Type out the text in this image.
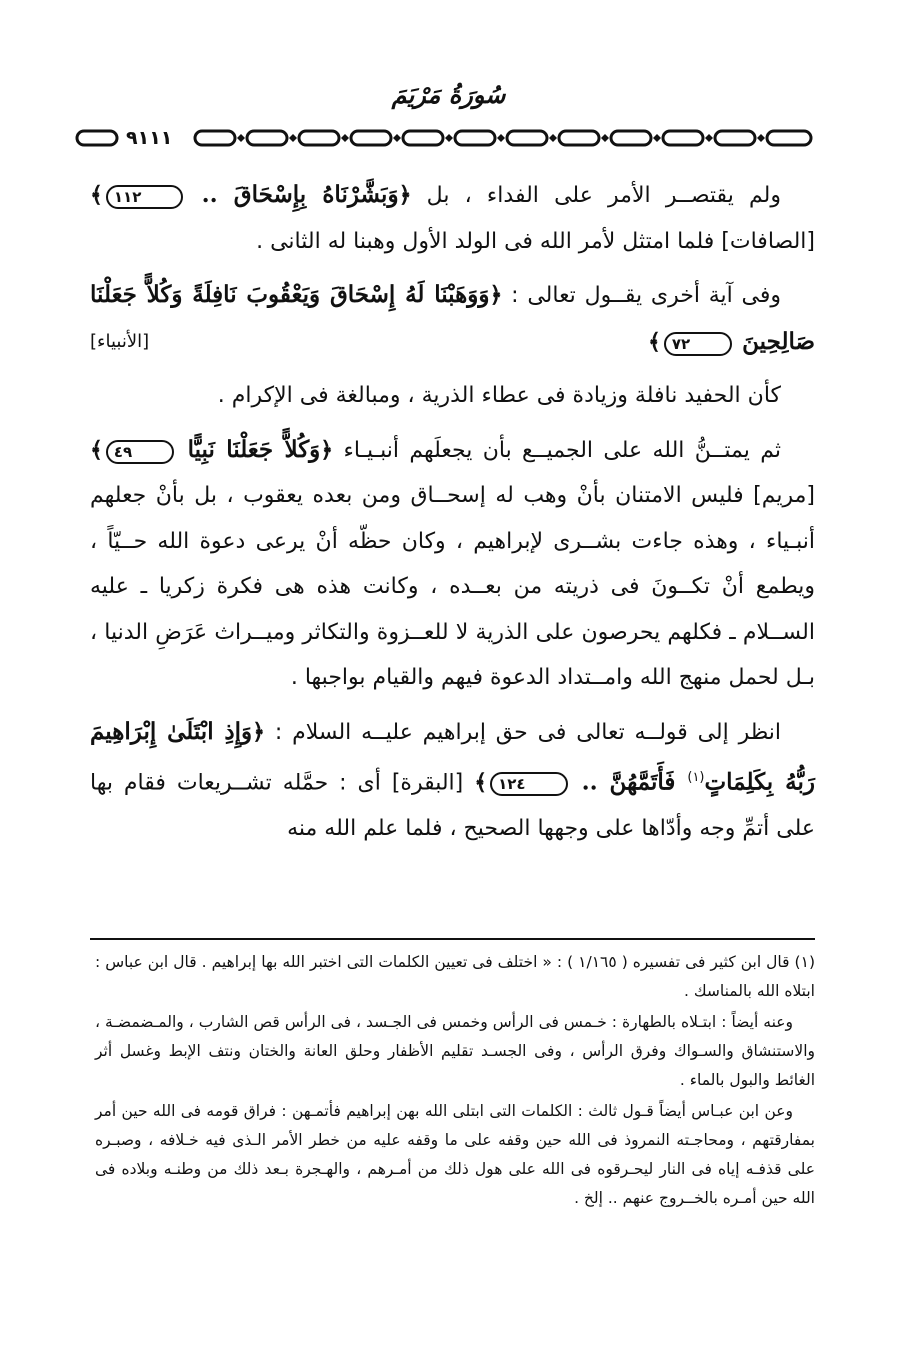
سُورَةُ مَرْيَمَ
٩١١١

ولم يقتصــر الأمر على الفداء ، بل ﴿وَبَشَّرْنَاهُ بِإِسْحَاقَ .. ١١٢﴾ [الصافات] فلما امتثل لأمر الله فى الولد الأول وهبنا له الثانى .

وفى آية أخرى يقــول تعالى : ﴿وَوَهَبْنَا لَهُ إِسْحَاقَ وَيَعْقُوبَ نَافِلَةً وَكُلاًّ جَعَلْنَا صَالِحِينَ ٧٢﴾
[الأنبياء]

كأن الحفيد نافلة وزيادة فى عطاء الذرية ، ومبالغة فى الإكرام .

ثم يمتــنُّ الله على الجميــع بأن يجعلَهم أنبـيـاء ﴿وَكُلاًّ جَعَلْنَا نَبِيًّا ٤٩﴾ [مريم] فليس الامتنان بأنْ وهب له إسحــاق ومن بعده يعقوب ، بل بأنْ جعلهم أنبـياء ، وهذه جاءت بشــرى لإبراهيم ، وكان حظّه أنْ يرعى دعوة الله حــيّاً ، ويطمع أنْ تكــونَ فى ذريته من بعــده ، وكانت هذه هى فكرة زكريا ـ عليه الســلام ـ فكلهم يحرصون على الذرية لا للعــزوة والتكاثر وميــراث عَرَضِ الدنيا ، بـل لحمل منهج الله وامــتداد الدعوة فيهم والقيام بواجبها .

انظر إلى قولــه تعالى فى حق إبراهيم عليــه السلام : ﴿وَإِذِ ابْتَلَىٰ إِبْرَاهِيمَ رَبُّهُ بِكَلِمَاتٍ$^{(١)}$ فَأَتَمَّهُنَّ .. ١٢٤﴾ [البقرة] أى : حمَّله تشــريعات فقام بها على أتمِّ وجه وأدّاها على وجهها الصحيح ، فلما علم الله منه

(١) قال ابن كثير فى تفسيره ( ١/١٦٥ ) : « اختلف فى تعيين الكلمات التى اختبر الله بها إبراهيم . قال ابن عباس : ابتلاه الله بالمناسك .

وعنه أيضاً : ابتـلاه بالطهارة : خـمس فى الرأس وخمس فى الجـسد ، فى الرأس قص الشارب ، والمـضمضـة ، والاستنشاق والسـواك وفرق الرأس ، وفى الجسـد تقليم الأظفار وحلق العانة والختان ونتف الإبط وغسل أثر الغائط والبول بالماء .

وعن ابن عبـاس أيضاً قـول ثالث : الكلمات التى ابتلى الله بهن إبراهيم فأتمـهن : فراق قومه فى الله حين أمر بمفارقتهم ، ومحاجـته النمروذ فى الله حين وقفه على ما وقفه عليه من خطر الأمر الـذى فيه خـلافه ، وصبـره على قذفـه إياه فى النار ليحـرقوه فى الله على هول ذلك من أمـرهم ، والهـجرة بـعد ذلك من وطنـه وبلاده فى الله حين أمـره بالخــروج عنهم .. إلخ .
